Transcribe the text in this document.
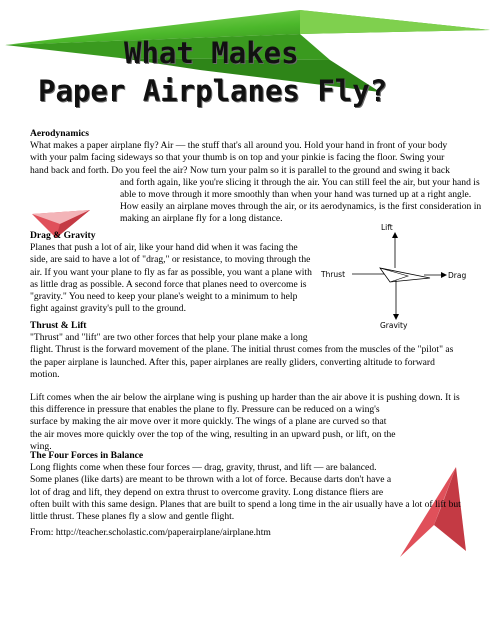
What Makes
Paper Airplanes Fly?
Lift
Thrust	Drag
Gravity
Aerodynamics
What makes a paper airplane fly? Air — the stuff that's all around you. Hold your hand in front of your body
with your palm facing sideways so that your thumb is on top and your pinkie is facing the floor. Swing your
hand back and forth. Do you feel the air? Now turn your palm so it is parallel to the ground and swing it back
and forth again, like you're slicing it through the air. You can still feel the air, but your hand is
able to move through it more smoothly than when your hand was turned up at a right angle.
How easily an airplane moves through the air, or its aerodynamics, is the first consideration in
making an airplane fly for a long distance.
Drag & Gravity
Planes that push a lot of air, like your hand did when it was facing the
side, are said to have a lot of "drag," or resistance, to moving through the
air. If you want your plane to fly as far as possible, you want a plane with
as little drag as possible. A second force that planes need to overcome is
"gravity." You need to keep your plane's weight to a minimum to help
fight against gravity's pull to the ground.
Thrust & Lift
"Thrust" and "lift" are two other forces that help your plane make a long
flight. Thrust is the forward movement of the plane. The initial thrust comes from the muscles of the "pilot" as
the paper airplane is launched. After this, paper airplanes are really gliders, converting altitude to forward
motion.
Lift comes when the air below the airplane wing is pushing up harder than the air above it is pushing down. It is
this difference in pressure that enables the plane to fly. Pressure can be reduced on a wing's
surface by making the air move over it more quickly. The wings of a plane are curved so that
the air moves more quickly over the top of the wing, resulting in an upward push, or lift, on the
wing.
The Four Forces in Balance
Long flights come when these four forces — drag, gravity, thrust, and lift — are balanced.
Some planes (like darts) are meant to be thrown with a lot of force. Because darts don't have a
lot of drag and lift, they depend on extra thrust to overcome gravity. Long distance fliers are
often built with this same design. Planes that are built to spend a long time in the air usually have a lot of lift but
little thrust. These planes fly a slow and gentle flight.
From: http://teacher.scholastic.com/paperairplane/airplane.htm
